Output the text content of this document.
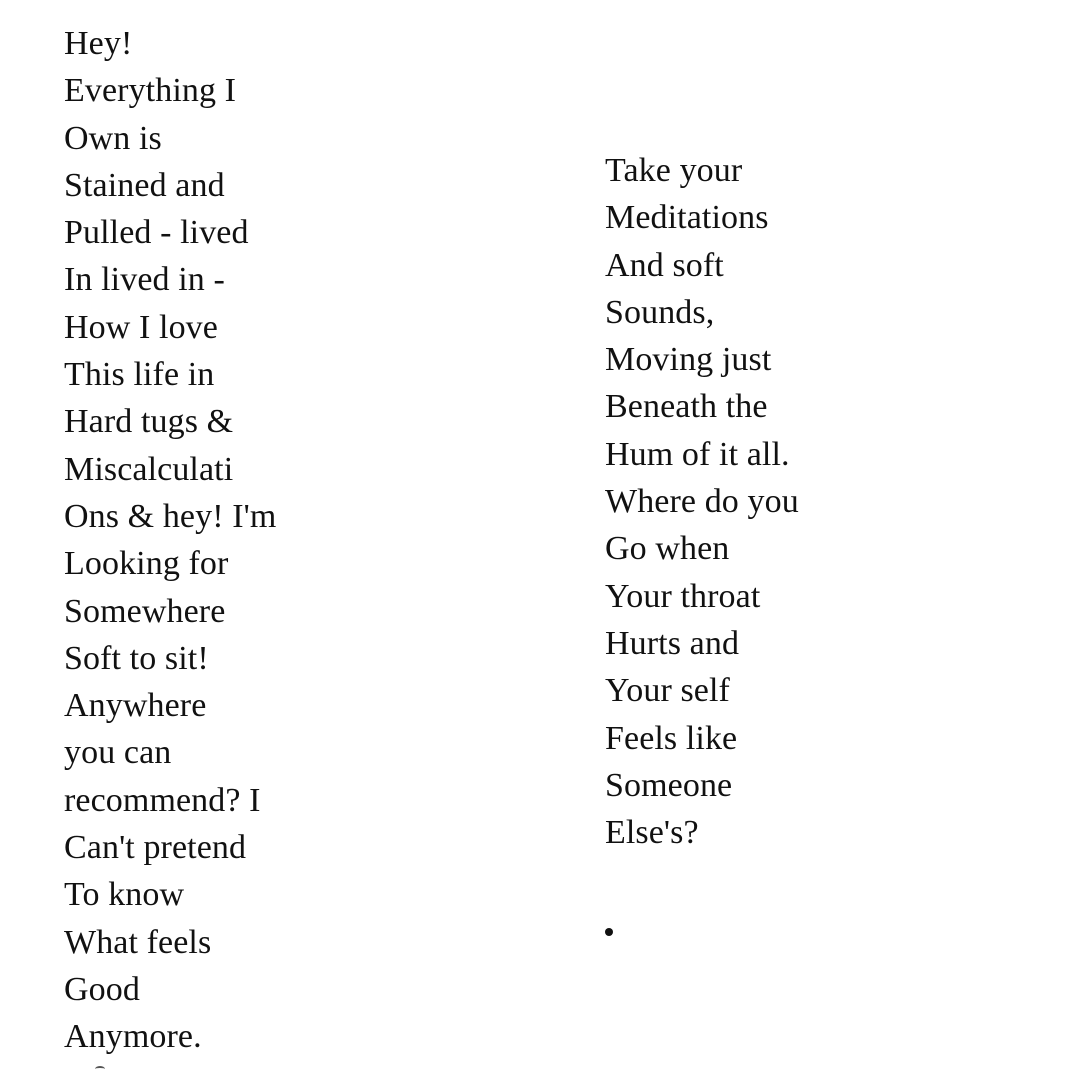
Hey!
Everything I
Own is
Stained and
Pulled - lived
In lived in -
How I love
This life in
Hard tugs &
Miscalculati
Ons & hey! I'm
Looking for
Somewhere
Soft to sit!
Anywhere
you can
recommend? I
Can't pretend
To know
What feels
Good
Anymore.
Take your
Meditations
And soft
Sounds,
Moving just
Beneath the
Hum of it all.
Where do you
Go when
Your throat
Hurts and
Your self
Feels like
Someone
Else's?
